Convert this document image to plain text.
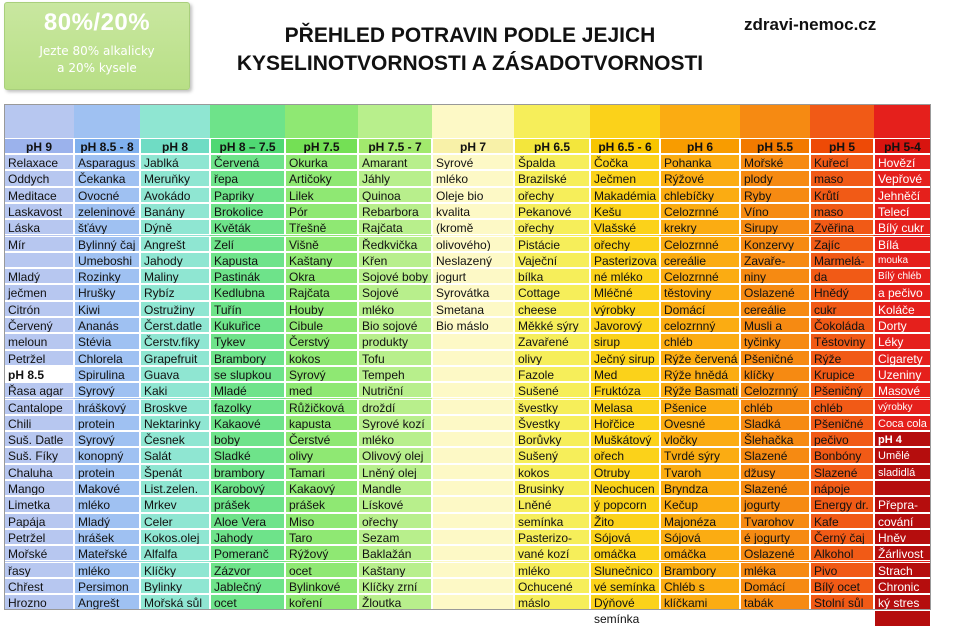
80%/20%
Jezte 80% alkalicky
a 20% kysele
PŘEHLED POTRAVIN PODLE JEJICH
KYSELINOTVORNOSTI A ZÁSADOTVORNOSTI
zdravi-nemoc.cz
pH 9
Relaxace
Oddych
Meditace
Laskavost
Láska
Mír
Mladý
ječmen
Citrón
Červený
meloun
Petržel
pH 8.5
Řasa agar
Cantalope
Chili
Suš. Datle
Suš. Fíky
Chaluha
Mango
Limetka
Papája
Petržel
Mořské
řasy
Chřest
Hrozno
pH 8.5 - 8
Asparagus
Čekanka
Ovocné
zeleninové
šťávy
Bylinný čaj
Umeboshi
Rozinky
Hrušky
Kiwi
Ananás
Stévia
Chlorela
Spirulina
Syrový
hráškový
protein
Syrový
konopný
protein
Makové
mléko
Mladý
hrášek
Mateřské
mléko
Persimon
Angrešt
pH 8
Jablká
Meruňky
Avokádo
Banány
Dýně
Angrešt
Jahody
Maliny
Rybíz
Ostružiny
Čerst.datle
Čerstv.fíky
Grapefruit
Guava
Kaki
Broskve
Nektarinky
Česnek
Salát
Špenát
List.zelen.
Mrkev
Celer
Kokos.olej
Alfalfa
Klíčky
Bylinky
Mořská sůl
pH 8 – 7.5
Červená
řepa
Papriky
Brokolice
Květák
Zelí
Kapusta
Pastinák
Kedlubna
Tuřín
Kukuřice
Tykev
Brambory
se slupkou
Mladé
fazolky
Kakaové
boby
Sladké
brambory
Karobový
prášek
Aloe Vera
Jahody
Pomeranč
Zázvor
Jablečný
ocet
pH 7.5
Okurka
Artičoky
Lilek
Pór
Třešně
Višně
Kaštany
Okra
Rajčata
Houby
Cibule
Čerstvý
kokos
Syrový
med
Růžičková
kapusta
Čerstvé
olivy
Tamari
Kakaový
prášek
Miso
Taro
Rýžový
ocet
Bylinkové
koření
pH 7.5 - 7
Amarant
Jáhly
Quinoa
Rebarbora
Rajčata
Ředkvička
Křen
Sojové boby
Sojové
mléko
Bio sojové
produkty
Tofu
Tempeh
Nutriční
droždí
Syrové kozí
mléko
Olivový olej
Lněný olej
Mandle
Lískové
ořechy
Sezam
Baklažán
Kaštany
Klíčky zrní
Žloutka
pH 7
Syrové
mléko
Oleje bio
kvalita
(kromě
olivového)
Neslazený
jogurt
Syrovátka
Smetana
Bio máslo
pH 6.5
Špalda
Brazilské
ořechy
Pekanové
ořechy
Pistácie
Vaječní
bílka
Cottage
cheese
Měkké sýry
Zavařené
olivy
Fazole
Sušené
švestky
Švestky
Borůvky
Sušený
kokos
Brusinky
Lněné
semínka
Pasterizo-
vané kozí
mléko
Ochucené
máslo
pH 6.5 - 6
Čočka
Ječmen
Makadémia
Kešu
Vlašské
ořechy
Pasterizova
né mléko
Mléčné
výrobky
Javorový
sirup
Ječný sirup
Med
Fruktóza
Melasa
Hořčice
Muškátový
ořech
Otruby
Neochucen
ý popcorn
Žito
Sójová
omáčka
Slunečnico
vé semínka
Dýňové
semínka
pH 6
Pohanka
Rýžové
chlebíčky
Celozrnné
krekry
Celozrnné
cereálie
Celozrnné
těstoviny
Domácí
celozrnný
chléb
Rýže červená
Rýže hnědá
Rýže Basmati
Pšenice
Ovesné
vločky
Tvrdé sýry
Tvaroh
Bryndza
Kečup
Majonéza
Sójová
omáčka
Brambory
Chléb s
klíčkami
pH 5.5
Mořské
plody
Ryby
Víno
Sirupy
Konzervy
Zavaře-
niny
Oslazené
cereálie
Musli a
tyčinky
Pšeničné
klíčky
Celozrnný
chléb
Sladká
Šlehačka
Slazené
džusy
Slazené
jogurty
Tvarohov
é jogurty
Oslazené
mléka
Domácí
tabák
pH 5
Kuřecí
maso
Krůtí
maso
Zvěřina
Zajíc
Marmelá-
da
Hnědý
cukr
Čokoláda
Těstoviny
Rýže
Krupice
Pšeničný
chléb
Pšeničné
pečivo
Bonbóny
Slazené
nápoje
Energy dr.
Kafe
Černý čaj
Alkohol
Pivo
Bílý ocet
Stolní sůl
pH 5-4
Hovězí
Vepřové
Jehněčí
Telecí
Bílý cukr
Bílá
mouka
Bílý chléb
a pečivo
Koláče
Dorty
Léky
Cigarety
Uzeniny
Masové
výrobky
Coca cola
pH 4
Umělé
sladidlá
Přepra-
cování
Hněv
Žárlivost
Strach
Chronic
ký stres
